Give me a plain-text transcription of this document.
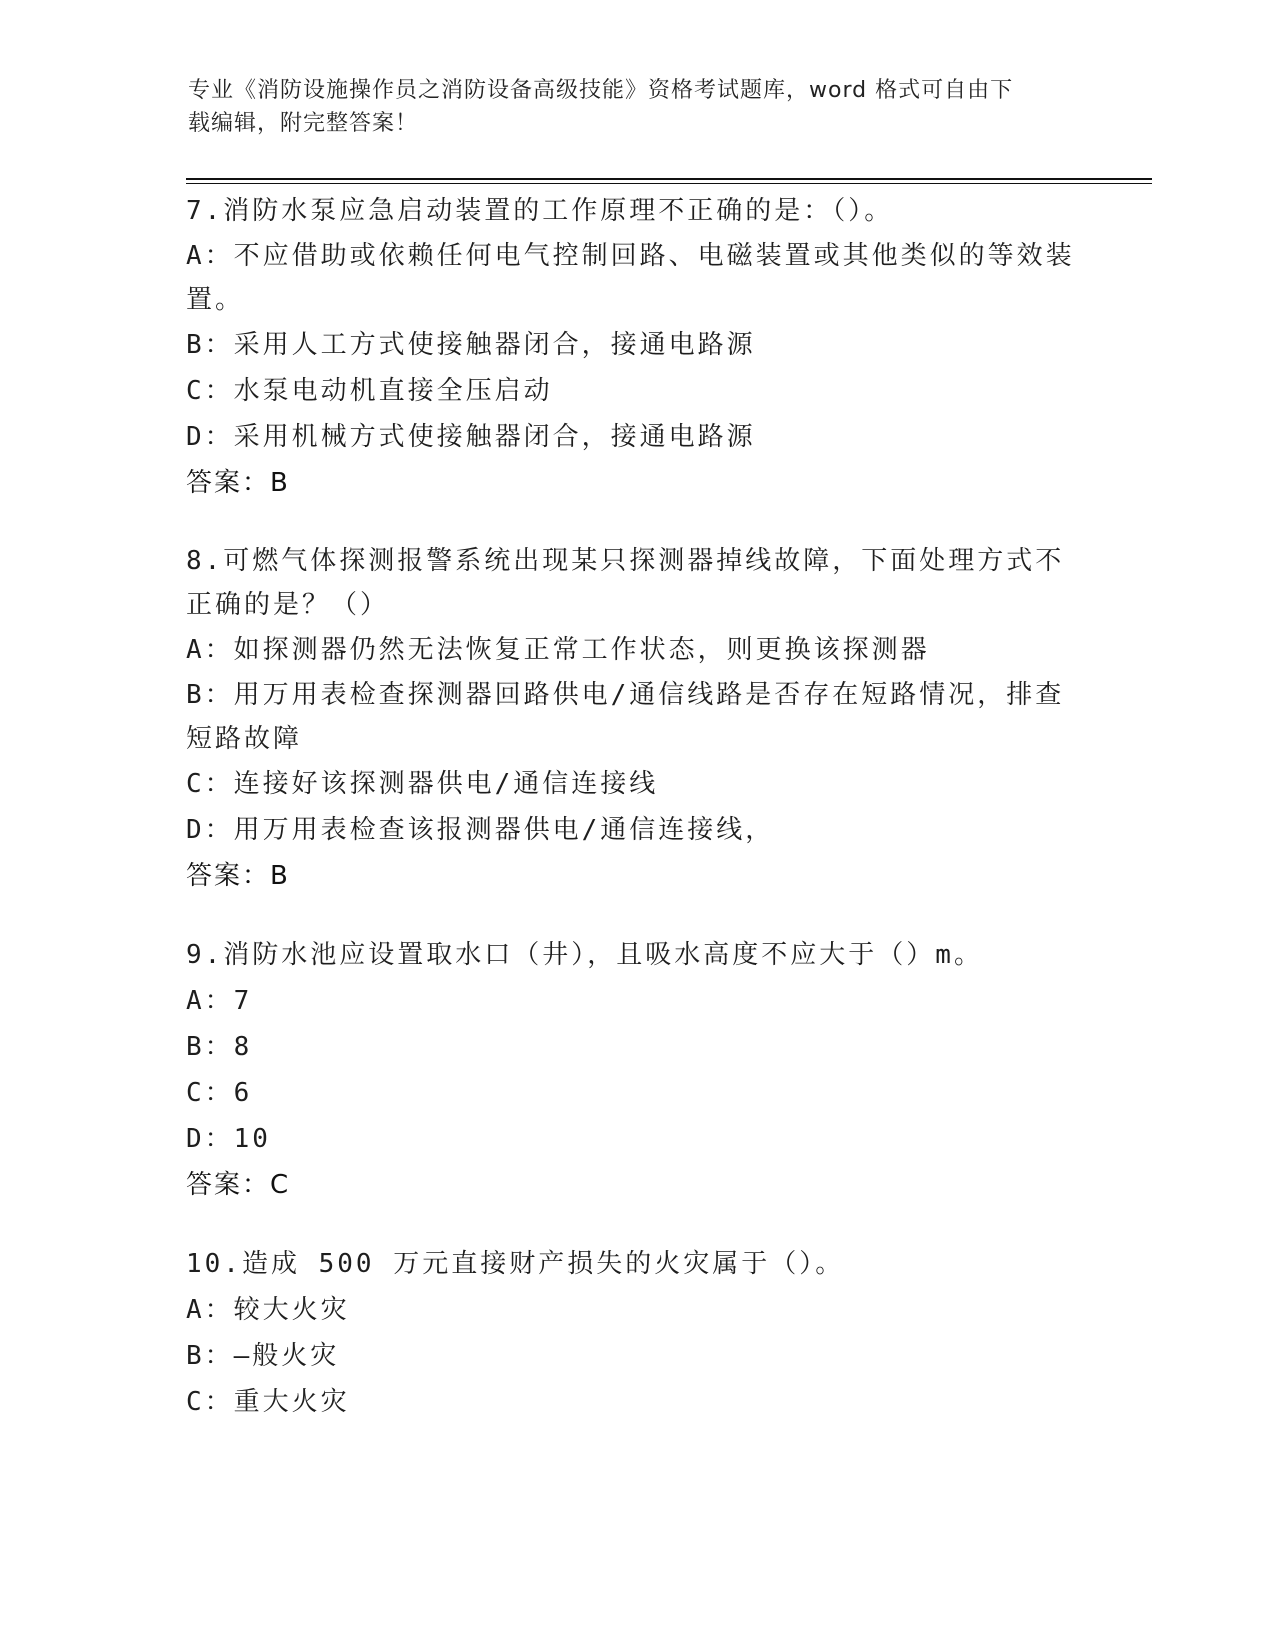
专业《消防设施操作员之消防设备高级技能》资格考试题库，word 格式可自由下
载编辑，附完整答案！
7.消防水泵应急启动装置的工作原理不正确的是：（）。
A：不应借助或依赖任何电气控制回路、电磁装置或其他类似的等效装置。
B：采用人工方式使接触器闭合，接通电路源
C：水泵电动机直接全压启动
D：采用机械方式使接触器闭合，接通电路源
答案：B
8.可燃气体探测报警系统出现某只探测器掉线故障，下面处理方式不正确的是？（）
A：如探测器仍然无法恢复正常工作状态，则更换该探测器
B：用万用表检查探测器回路供电/通信线路是否存在短路情况，排查短路故障
C：连接好该探测器供电/通信连接线
D：用万用表检查该报测器供电/通信连接线，
答案：B
9.消防水池应设置取水口（井），且吸水高度不应大于（）m。
A：7
B：8
C：6
D：10
答案：C
10.造成 500 万元直接财产损失的火灾属于（）。
A：较大火灾
B：—般火灾
C：重大火灾
